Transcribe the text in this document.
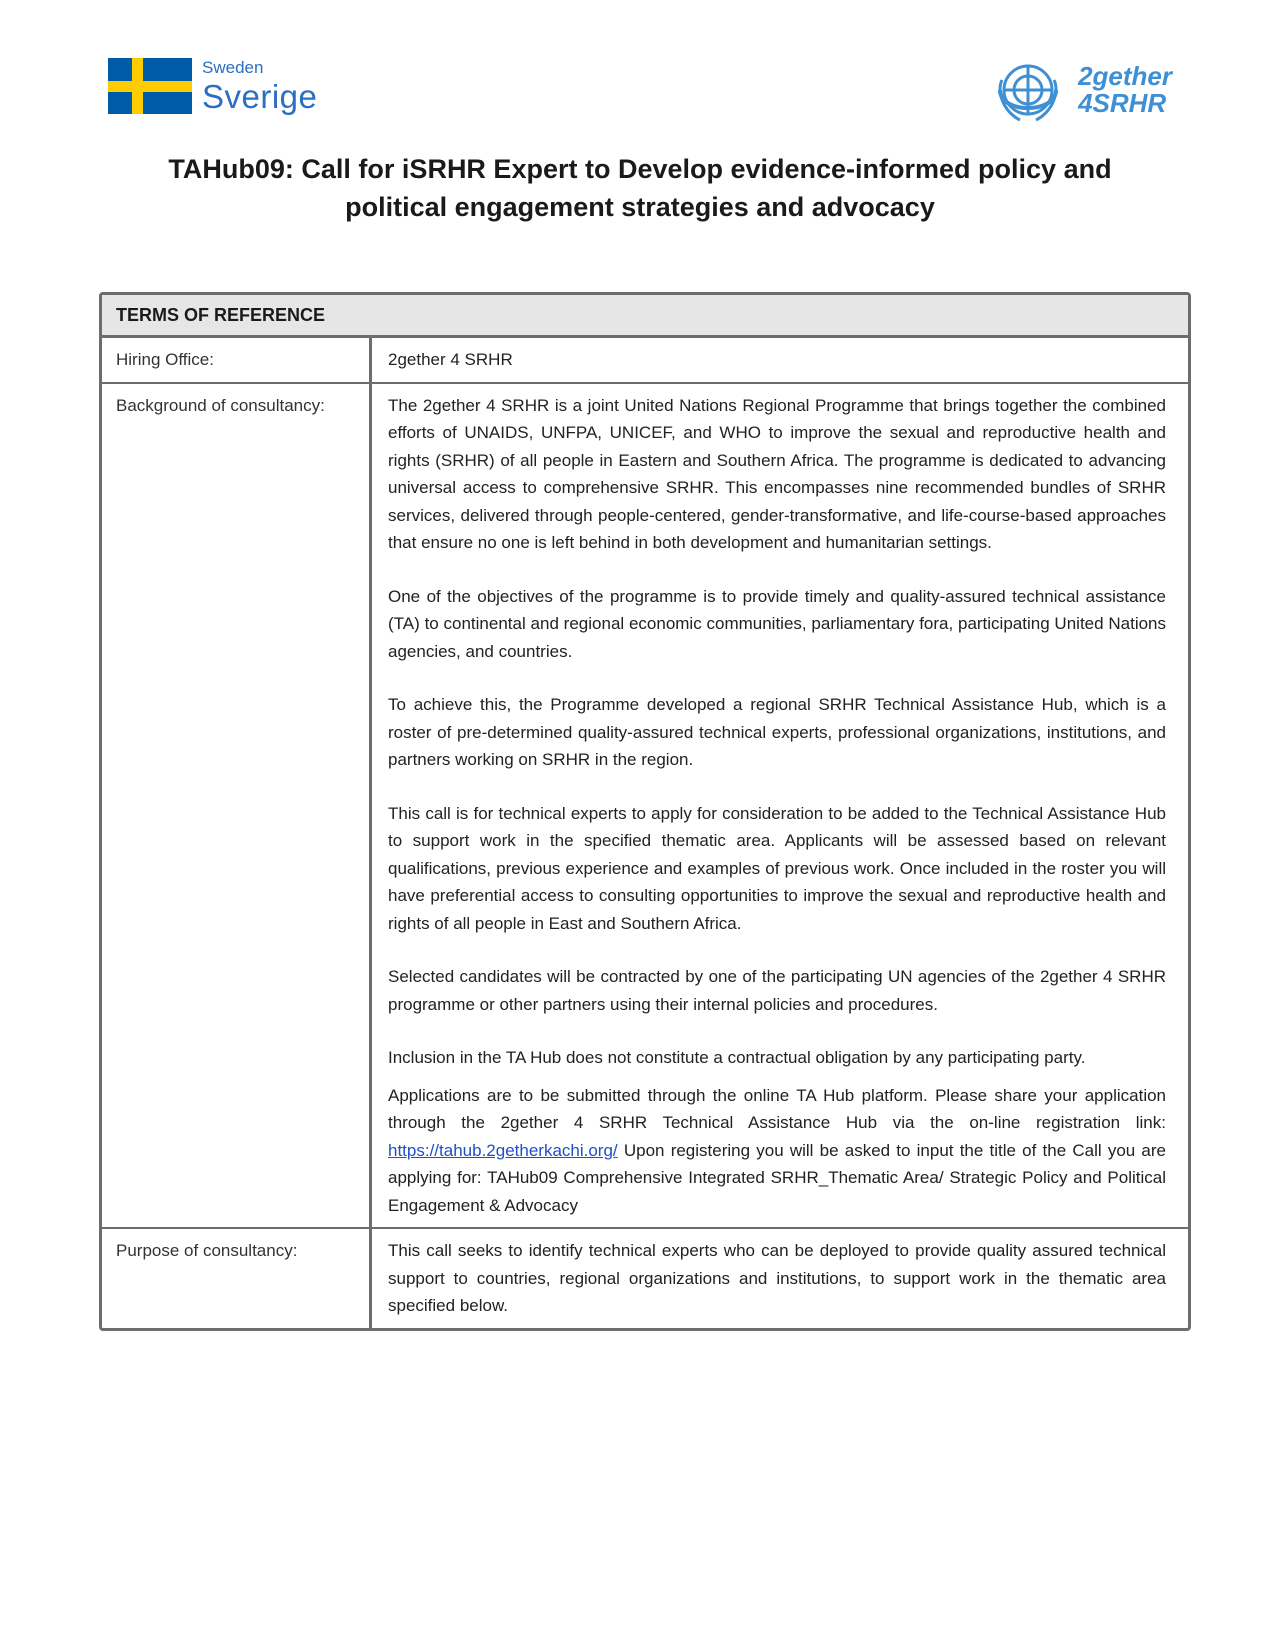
Sweden
Sverige
2gether
4SRHR
TAHub09: Call for iSRHR Expert to Develop evidence-informed policy and political engagement strategies and advocacy
TERMS OF REFERENCE
Hiring Office:	2gether 4 SRHR

Background of consultancy:	The 2gether 4 SRHR is a joint United Nations Regional Programme that brings together the combined efforts of UNAIDS, UNFPA, UNICEF, and WHO to improve the sexual and reproductive health and rights (SRHR) of all people in Eastern and Southern Africa. The programme is dedicated to advancing universal access to comprehensive SRHR. This encompasses nine recommended bundles of SRHR services, delivered through people-centered, gender-transformative, and life-course-based approaches that ensure no one is left behind in both development and humanitarian settings.

One of the objectives of the programme is to provide timely and quality-assured technical assistance (TA) to continental and regional economic communities, parliamentary fora, participating United Nations agencies, and countries.

To achieve this, the Programme developed a regional SRHR Technical Assistance Hub, which is a roster of pre-determined quality-assured technical experts, professional organizations, institutions, and partners working on SRHR in the region.

This call is for technical experts to apply for consideration to be added to the Technical Assistance Hub to support work in the specified thematic area. Applicants will be assessed based on relevant qualifications, previous experience and examples of previous work. Once included in the roster you will have preferential access to consulting opportunities to improve the sexual and reproductive health and rights of all people in East and Southern Africa.

Selected candidates will be contracted by one of the participating UN agencies of the 2gether 4 SRHR programme or other partners using their internal policies and procedures.

Inclusion in the TA Hub does not constitute a contractual obligation by any participating party.

Applications are to be submitted through the online TA Hub platform. Please share your application through the 2gether 4 SRHR Technical Assistance Hub via the on-line registration link: https://tahub.2getherkachi.org/ Upon registering you will be asked to input the title of the Call you are applying for: TAHub09 Comprehensive Integrated SRHR_Thematic Area/ Strategic Policy and Political Engagement & Advocacy

Purpose of consultancy:	This call seeks to identify technical experts who can be deployed to provide quality assured technical support to countries, regional organizations and institutions, to support work in the thematic area specified below.
